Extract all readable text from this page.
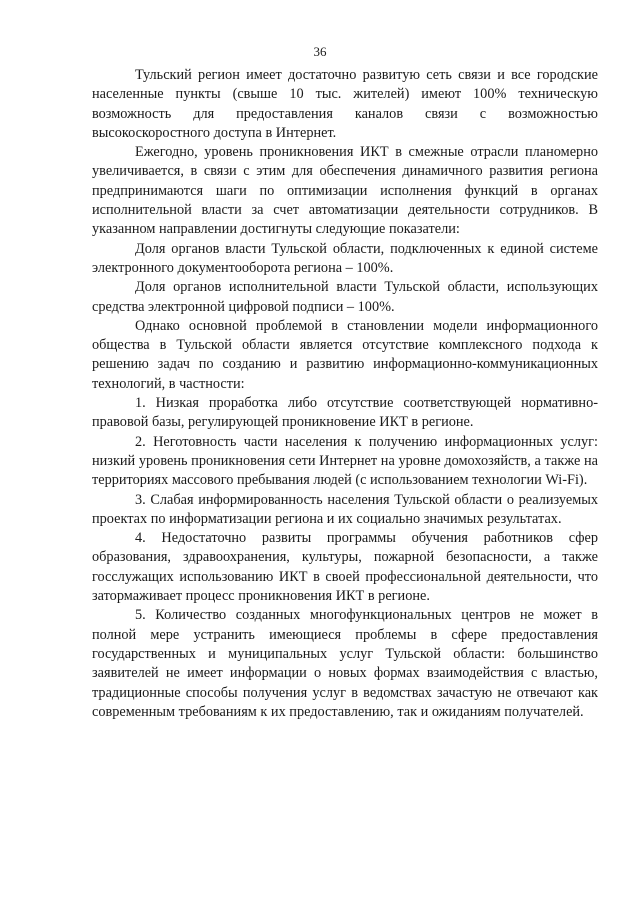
36

Тульский регион имеет достаточно развитую сеть связи и все городские населенные пункты (свыше 10 тыс. жителей) имеют 100% техническую возможность для предоставления каналов связи с возможностью высокоскоростного доступа в Интернет.

Ежегодно, уровень проникновения ИКТ в смежные отрасли планомерно увеличивается, в связи с этим для обеспечения динамичного развития региона предпринимаются шаги по оптимизации исполнения функций в органах исполнительной власти за счет автоматизации деятельности сотрудников. В указанном направлении достигнуты следующие показатели:

Доля органов власти Тульской области, подключенных к единой системе электронного документооборота региона – 100%.

Доля органов исполнительной власти Тульской области, использующих средства электронной цифровой подписи – 100%.

Однако основной проблемой в становлении модели информационного общества в Тульской области является отсутствие комплексного подхода к решению задач по созданию и развитию информационно-коммуникационных технологий, в частности:

1. Низкая проработка либо отсутствие соответствующей нормативно-правовой базы, регулирующей проникновение ИКТ в регионе.

2. Неготовность части населения к получению информационных услуг: низкий уровень проникновения сети Интернет на уровне домохозяйств, а также на территориях массового пребывания людей (с использованием технологии Wi-Fi).

3. Слабая информированность населения Тульской области о реализуемых проектах по информатизации региона и их социально значимых результатах.

4. Недостаточно развиты программы обучения работников сфер образования, здравоохранения, культуры, пожарной безопасности, а также госслужащих использованию ИКТ в своей профессиональной деятельности, что затормаживает процесс проникновения ИКТ в регионе.

5. Количество созданных многофункциональных центров не может в полной мере устранить имеющиеся проблемы в сфере предоставления государственных и муниципальных услуг Тульской области: большинство заявителей не имеет информации о новых формах взаимодействия с властью, традиционные способы получения услуг в ведомствах зачастую не отвечают как современным требованиям к их предоставлению, так и ожиданиям получателей.
